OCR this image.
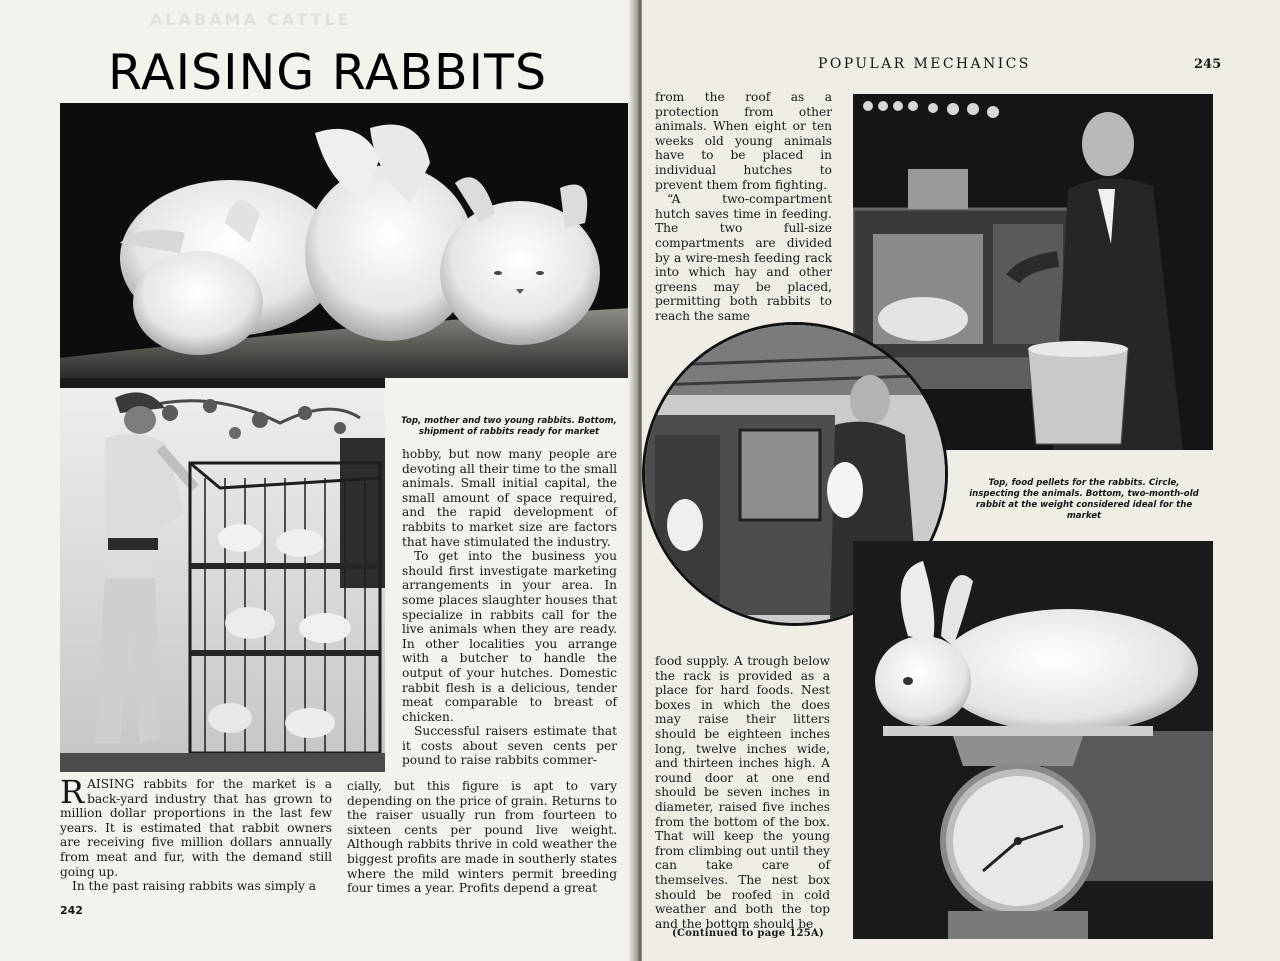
ALABAMA CATTLE
RAISING RABBITS
Top, mother and two young rabbits. Bottom, shipment of rabbits ready for market

hobby, but now many people are devoting all their time to the small animals. Small initial capital, the small amount of space required, and the rapid development of rabbits to market size are factors that have stimulated the industry.

To get into the business you should first investigate marketing arrangements in your area. In some places slaughter houses that specialize in rabbits call for the live animals when they are ready. In other localities you arrange with a butcher to handle the output of your hutches. Domestic rabbit flesh is a delicious, tender meat comparable to breast of chicken.

Successful raisers estimate that it costs about seven cents per pound to raise rabbits commer-

RAISING rabbits for the market is a back-yard industry that has grown to million dollar proportions in the last few years. It is estimated that rabbit owners are receiving five million dollars annually from meat and fur, with the demand still going up.

In the past raising rabbits was simply a

cially, but this figure is apt to vary depending on the price of grain. Returns to the raiser usually run from fourteen to sixteen cents per pound live weight. Although rabbits thrive in cold weather the biggest profits are made in southerly states where the mild winters permit breeding four times a year. Profits depend a great

242
POPULAR MECHANICS	245

from the roof as a protection from other animals. When eight or ten weeks old young animals have to be placed in individual hutches to prevent them from fighting.

“A two-compartment hutch saves time in feeding. The two full-size compartments are divided by a wire-mesh feeding rack into which hay and other greens may be placed, permitting both rabbits to reach the same

Top, food pellets for the rabbits. Circle, inspecting the animals. Bottom, two-month-old rabbit at the weight considered ideal for the market

food supply. A trough below the rack is provided as a place for hard foods. Nest boxes in which the does may raise their litters should be eighteen inches long, twelve inches wide, and thirteen inches high. A round door at one end should be seven inches in diameter, raised five inches from the bottom of the box. That will keep the young from climbing out until they can take care of themselves. The nest box should be roofed in cold weather and both the top and the bottom should be

(Continued to page 125A)
